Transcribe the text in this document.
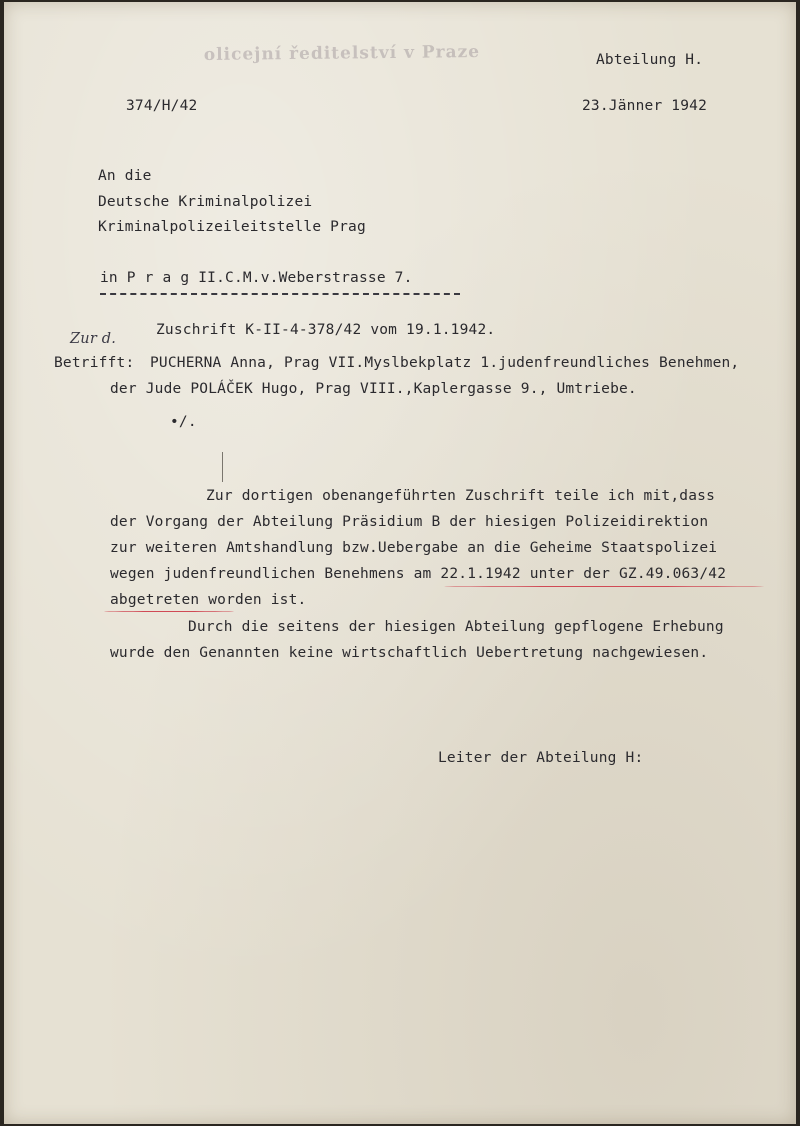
olicejní ředitelství v Praze	Abteilung H.
374/H/42	23.Jänner 1942
An die
Deutsche Kriminalpolizei
Kriminalpolizeileitstelle Prag
in P r a g II.C.M.v.Weberstrasse 7.
Zur d.
Zuschrift K-II-4-378/42 vom 19.1.1942.
Betrifft: PUCHERNA Anna, Prag VII.Myslbekplatz 1.judenfreundliches Benehmen,
der Jude POLÁČEK Hugo, Prag VIII.,Kaplergasse 9., Umtriebe.
•/.
Zur dortigen obenangeführten Zuschrift teile ich mit,dass
der Vorgang der Abteilung Präsidium B der hiesigen Polizeidirektion
zur weiteren Amtshandlung bzw.Uebergabe an die Geheime Staatspolizei
wegen judenfreundlichen Benehmens am 22.1.1942 unter der GZ.49.063/42
abgetreten worden ist.
Durch die seitens der hiesigen Abteilung gepflogene Erhebung
wurde den Genannten keine wirtschaftlich Uebertretung nachgewiesen.
Leiter der Abteilung H:
